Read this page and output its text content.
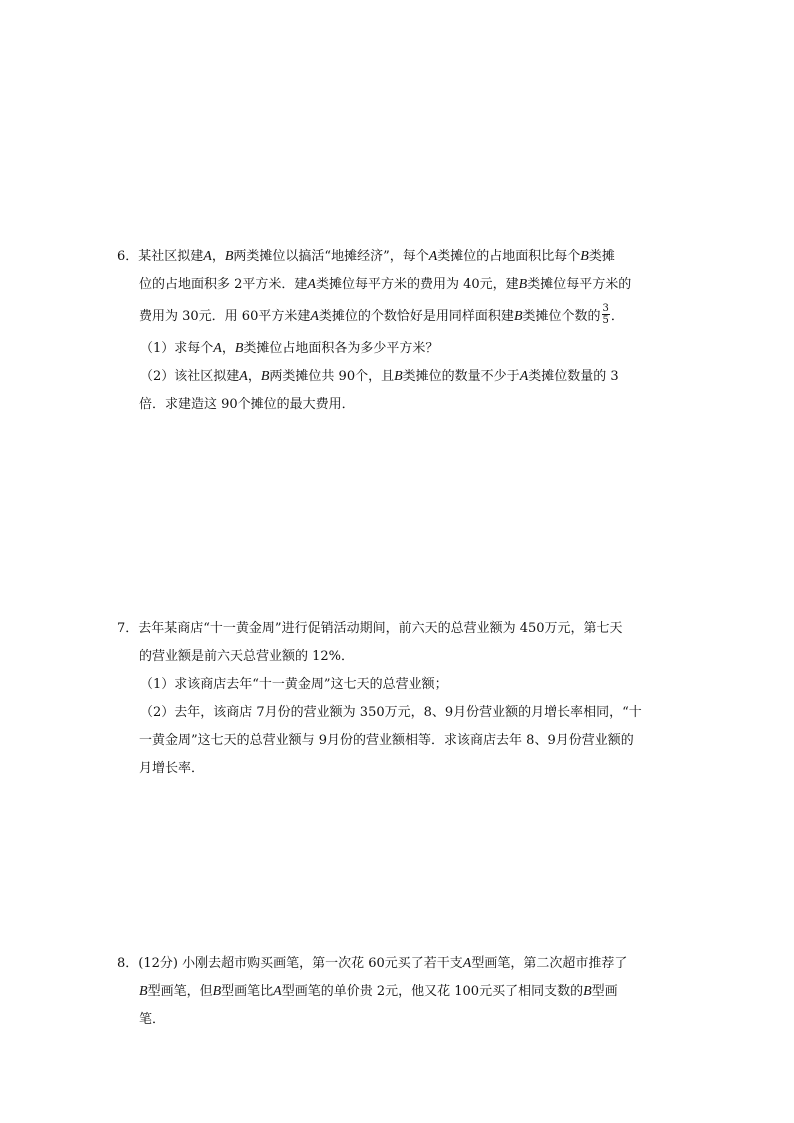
6．某社区拟建A，B两类摊位以搞活“地摊经济”，每个A类摊位的占地面积比每个B类摊
位的占地面积多 2平方米．建A类摊位每平方米的费用为 40元，建B类摊位每平方米的
费用为 30元．用 60平方米建A类摊位的个数恰好是用同样面积建B类摊位个数的 $\frac{3}{5}$ ．
（1）求每个A，B类摊位占地面积各为多少平方米？
（2）该社区拟建A，B两类摊位共 90个，且B类摊位的数量不少于A类摊位数量的 3
倍．求建造这 90个摊位的最大费用．
7．去年某商店“十一黄金周”进行促销活动期间，前六天的总营业额为 450万元，第七天
的营业额是前六天总营业额的 12%．
（1）求该商店去年“十一黄金周”这七天的总营业额；
（2）去年，该商店 7月份的营业额为 350万元，8、9月份营业额的月增长率相同，“十
一黄金周”这七天的总营业额与 9月份的营业额相等．求该商店去年 8、9月份营业额的
月增长率．
8．(12分) 小刚去超市购买画笔，第一次花 60元买了若干支A型画笔，第二次超市推荐了
B型画笔，但B型画笔比A型画笔的单价贵 2元，他又花 100元买了相同支数的B型画
笔．
